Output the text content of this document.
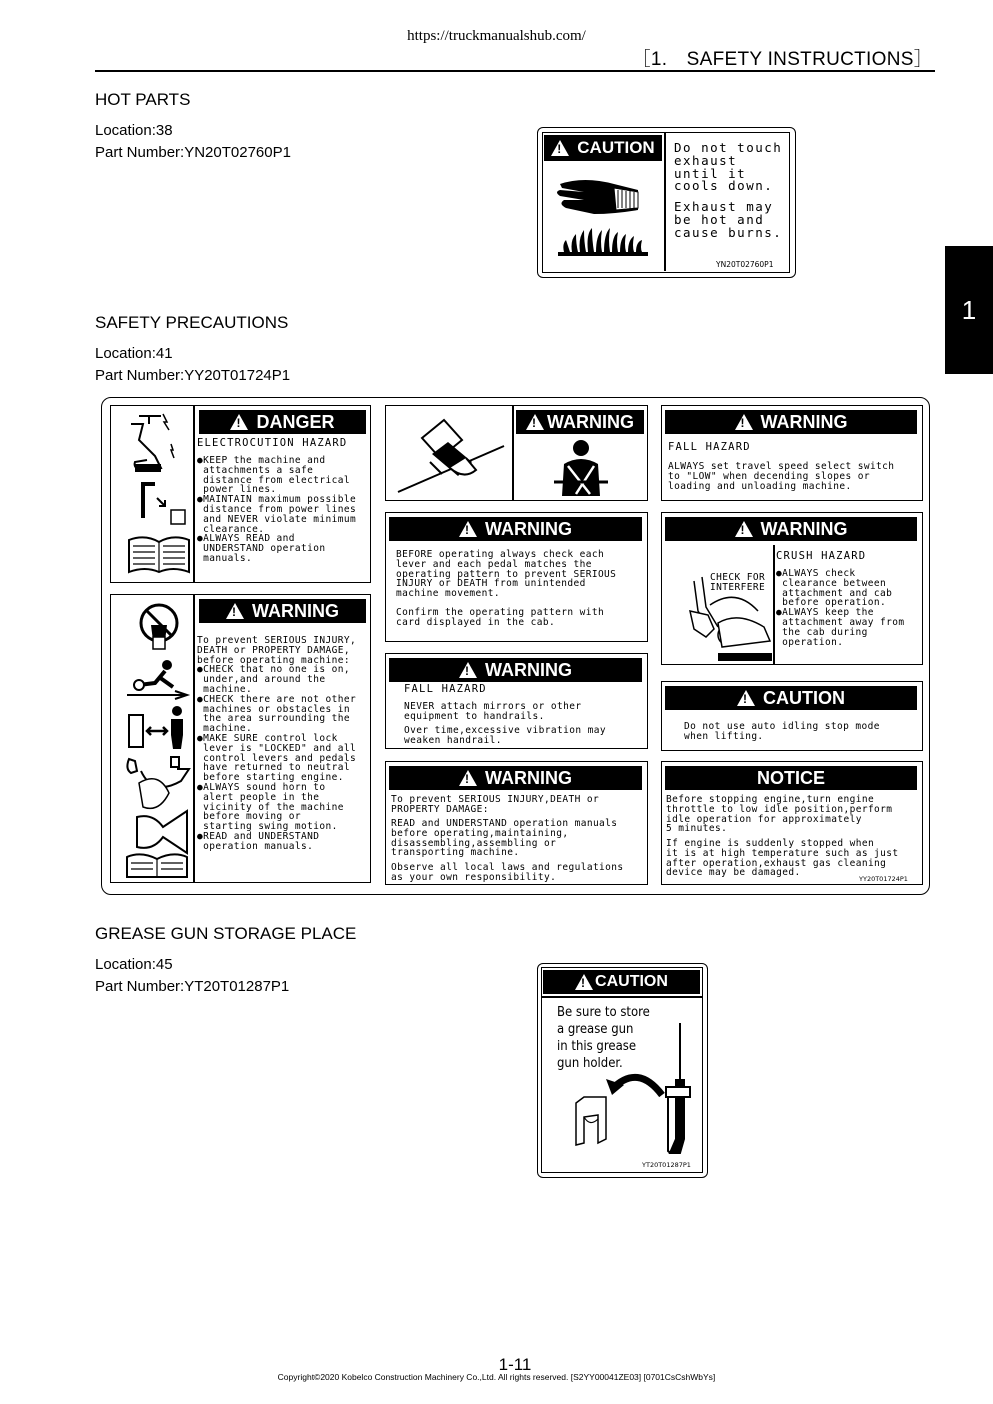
https://truckmanualshub.com/
［1.　SAFETY INSTRUCTIONS］
1
HOT PARTS
Location:38
Part Number:YN20T02760P1 !	CAUTION Do not touch
exhaust
until it
cools down.
Exhaust may
be hot and
cause burns.
YN20T02760P1
SAFETY PRECAUTIONS
Location:41
Part Number:YY20T01724P1
!
DANGER
ELECTROCUTION HAZARD
●KEEP the machine and
attachments a safe
distance from electrical
power lines.
●MAINTAIN maximum possible
distance from power lines
and NEVER violate minimum
clearance.
●ALWAYS READ and
UNDERSTAND operation
manuals.
!
WARNING !	WARNING
FALL HAZARD
ALWAYS set travel speed select switch
to "LOW" when decending slopes or
loading and unloading machine.
!
WARNING
BEFORE operating always check each
lever and each pedal matches the
operating pattern to prevent SERIOUS
INJURY or DEATH from unintended
machine movement.
Confirm the operating pattern with
card displayed in the cab.
!
WARNING
CHECK FOR
INTERFERE
CRUSH HAZARD
●ALWAYS check
clearance between
attachment and cab
before operation.
●ALWAYS keep the
attachment away from
the cab during
operation.
!
WARNING
To prevent SERIOUS INJURY,
DEATH or PROPERTY DAMAGE,
before operating machine:
●CHECK that no one is on,
under,and around the
machine.
●CHECK there are not other
machines or obstacles in
the area surrounding the
machine.
●MAKE SURE control lock
lever is "LOCKED" and all
control levers and pedals
have returned to neutral
before starting engine.
●ALWAYS sound horn to
alert people in the
vicinity of the machine
before moving or
starting swing motion.
●READ and UNDERSTAND
operation manuals.
!
WARNING
FALL HAZARD
NEVER attach mirrors or other
equipment to handrails.
Over time,excessive vibration may
weaken handrail.
!
CAUTION
Do not use auto idling stop mode
when lifting.
!
WARNING
To prevent SERIOUS INJURY,DEATH or
PROPERTY DAMAGE:
READ and UNDERSTAND operation manuals
before operating,maintaining,
disassembling,assembling or
transporting machine.
Observe all local laws and regulations
as your own responsibility.
NOTICE
Before stopping engine,turn engine
throttle to low idle position,perform
idle operation for approximately
5 minutes.
If engine is suddenly stopped when
it is at high temperature such as just
after operation,exhaust gas cleaning
device may be damaged.
YY20T01724P1
GREASE GUN STORAGE PLACE
Location:45
Part Number:YT20T01287P1 !	CAUTION
Be sure to store
a grease gun
in this grease
gun holder.
YT20T01287P1
1-11
Copyright©2020 Kobelco Construction Machinery Co.,Ltd. All rights reserved. [S2YY00041ZE03] [0701CsCshWbYs]
